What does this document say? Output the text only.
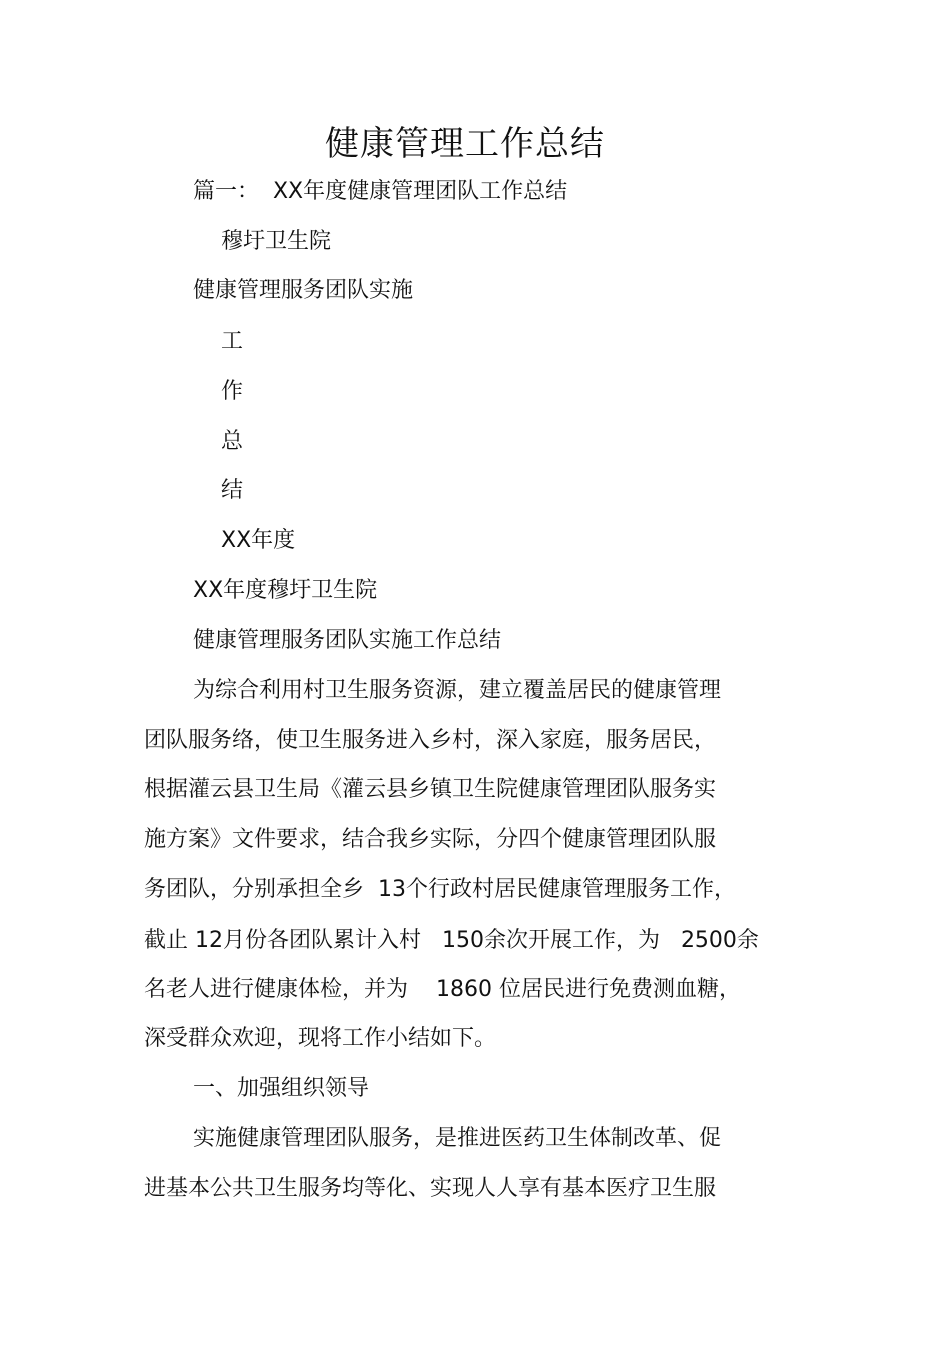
健康管理工作总结
篇一：  XX年度健康管理团队工作总结
穆圩卫生院
健康管理服务团队实施
工
作
总
结
XX年度
XX年度穆圩卫生院
健康管理服务团队实施工作总结
为综合利用村卫生服务资源，建立覆盖居民的健康管理
团队服务络，使卫生服务进入乡村，深入家庭，服务居民，
根据灌云县卫生局《灌云县乡镇卫生院健康管理团队服务实
施方案》文件要求，结合我乡实际，分四个健康管理团队服
务团队，分别承担全乡  13个行政村居民健康管理服务工作，
截止 12月份各团队累计入村   150余次开展工作，为   2500余
名老人进行健康体检，并为    1860 位居民进行免费测血糖，
深受群众欢迎，现将工作小结如下。
一、加强组织领导
实施健康管理团队服务，是推进医药卫生体制改革、促
进基本公共卫生服务均等化、实现人人享有基本医疗卫生服
